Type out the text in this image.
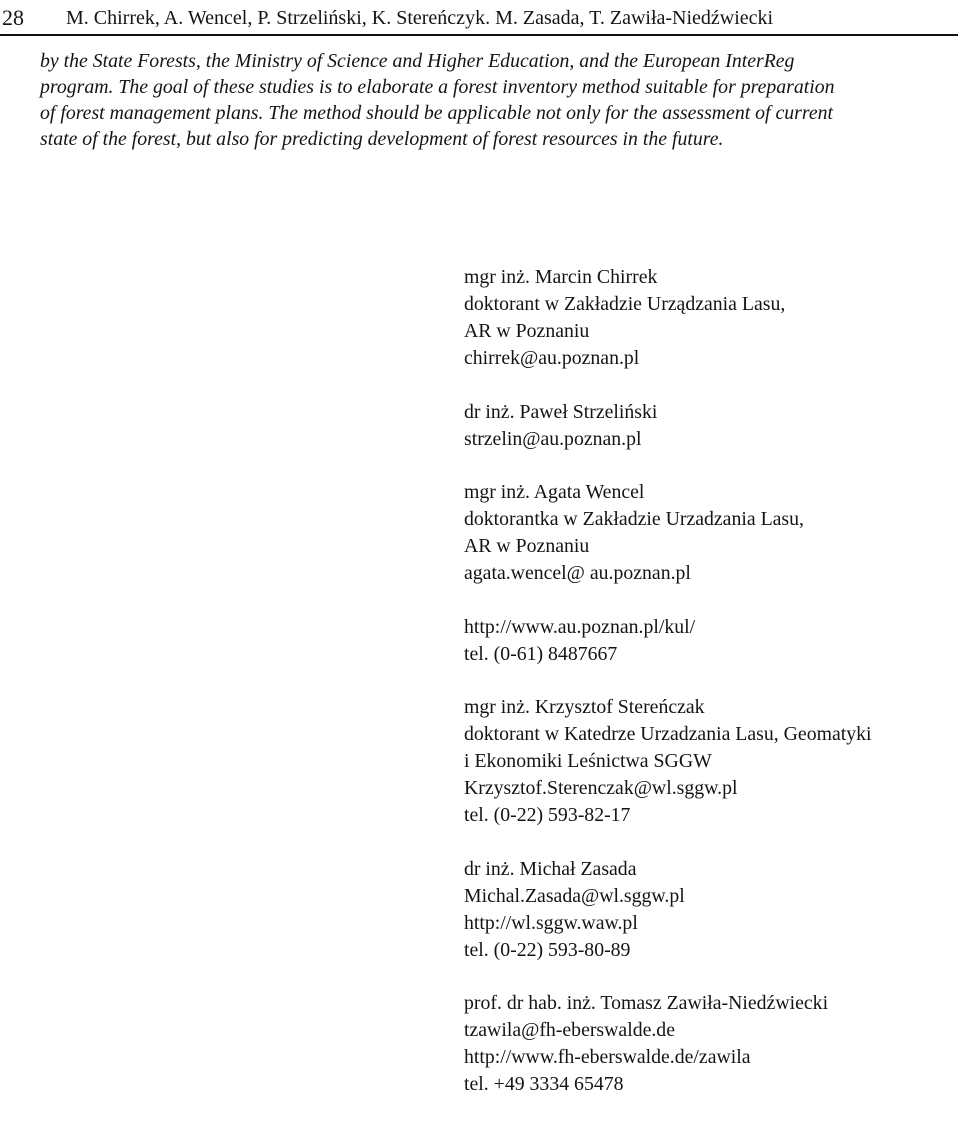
28 M. Chirrek, A. Wencel, P. Strzeliński, K. Stereńczyk. M. Zasada, T. Zawiła-Niedźwiecki
by the State Forests, the Ministry of Science and Higher Education, and the European InterReg
program. The goal of these studies is to elaborate a forest inventory method suitable for preparation
of forest management plans. The method should be applicable not only for the assessment of current
state of the forest, but also for predicting development of forest resources in the future.
mgr inż. Marcin Chirrek
doktorant w Zakładzie Urządzania Lasu,
AR w Poznaniu
chirrek@au.poznan.pl
dr inż. Paweł Strzeliński
strzelin@au.poznan.pl
mgr inż. Agata Wencel
doktorantka w Zakładzie Urzadzania Lasu,
AR w Poznaniu
agata.wencel@ au.poznan.pl
http://www.au.poznan.pl/kul/
tel. (0-61) 8487667
mgr inż. Krzysztof Stereńczak
doktorant w Katedrze Urzadzania Lasu, Geomatyki
i Ekonomiki Leśnictwa SGGW
Krzysztof.Sterenczak@wl.sggw.pl
tel. (0-22) 593-82-17
dr inż. Michał Zasada
Michal.Zasada@wl.sggw.pl
http://wl.sggw.waw.pl
tel. (0-22) 593-80-89
prof. dr hab. inż. Tomasz Zawiła-Niedźwiecki
tzawila@fh-eberswalde.de
http://www.fh-eberswalde.de/zawila
tel. +49 3334 65478
